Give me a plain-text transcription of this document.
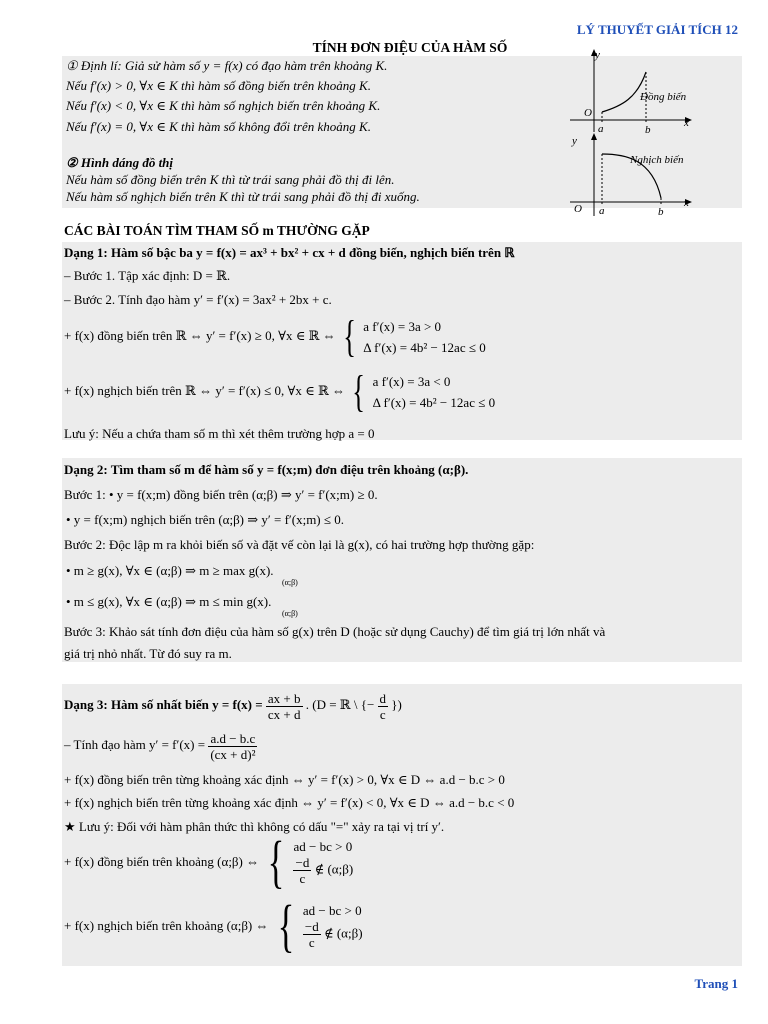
LÝ THUYẾT GIẢI TÍCH 12
TÍNH ĐƠN ĐIỆU CỦA HÀM SỐ
① Định lí: Giả sử hàm số y = f(x) có đạo hàm trên khoảng K.
Nếu f′(x) > 0, ∀x ∈ K thì hàm số đồng biến trên khoảng K.
Nếu f′(x) < 0, ∀x ∈ K thì hàm số nghịch biến trên khoảng K.
Nếu f′(x) = 0, ∀x ∈ K thì hàm số không đổi trên khoảng K.
② Hình dáng đồ thị
Nếu hàm số đồng biến trên K thì từ trái sang phải đồ thị đi lên.
Nếu hàm số nghịch biến trên K thì từ trái sang phải đồ thị đi xuống.
O
y
x
a	b
Đồng biến
y
O	x
a	b
Nghịch biến
CÁC BÀI TOÁN TÌM THAM SỐ m THƯỜNG GẶP
Dạng 1: Hàm số bậc ba y = f(x) = ax³ + bx² + cx + d đồng biến, nghịch biến trên ℝ
– Bước 1. Tập xác định: D = ℝ.
– Bước 2. Tính đạo hàm y′ = f′(x) = 3ax² + 2bx + c.
+ f(x) đồng biến trên ℝ ⇔ y′ = f′(x) ≥ 0, ∀x ∈ ℝ ⇔ { a f′(x) = 3a > 0
Δ f′(x) = 4b² − 12ac ≤ 0
+ f(x) nghịch biến trên ℝ ⇔ y′ = f′(x) ≤ 0, ∀x ∈ ℝ ⇔ { a f′(x) = 3a < 0
Δ f′(x) = 4b² − 12ac ≤ 0
Lưu ý: Nếu a chứa tham số m thì xét thêm trường hợp a = 0
Dạng 2: Tìm tham số m để hàm số y = f(x;m) đơn điệu trên khoảng (α;β).
Bước 1: • y = f(x;m) đồng biến trên (α;β) ⇒ y′ = f′(x;m) ≥ 0.
• y = f(x;m) nghịch biến trên (α;β) ⇒ y′ = f′(x;m) ≤ 0.
Bước 2: Độc lập m ra khỏi biến số và đặt vế còn lại là g(x), có hai trường hợp thường gặp:
• m ≥ g(x), ∀x ∈ (α;β) ⇒ m ≥ max g(x).
(α;β)
• m ≤ g(x), ∀x ∈ (α;β) ⇒ m ≤ min g(x).
(α;β)
Bước 3: Khảo sát tính đơn điệu của hàm số g(x) trên D (hoặc sử dụng Cauchy) để tìm giá trị lớn nhất và
giá trị nhỏ nhất. Từ đó suy ra m.
Dạng 3: Hàm số nhất biến $y = f(x) = \frac{ax + b}{cx + d}$ . (D = ℝ \ {− $\frac{d}{c}$ })
– Tính đạo hàm $y' = f'(x) = \frac{a.d - b.c}{\text{(cx + d)²}}$
+ f(x) đồng biến trên từng khoảng xác định ⇔ y′ = f′(x) > 0, ∀x ∈ D ⇔ a.d − b.c > 0
+ f(x) nghịch biến trên từng khoảng xác định ⇔ y′ = f′(x) < 0, ∀x ∈ D ⇔ a.d − b.c < 0
★ Lưu ý: Đối với hàm phân thức thì không có dấu "=" xảy ra tại vị trí y′.
+ f(x) đồng biến trên khoảng (α;β) ⇔ { ad − bc > 0
$\frac{-d}{c}$ ∉ (α;β)
+ f(x) nghịch biến trên khoảng (α;β) ⇔ { ad − bc > 0
$\frac{-d}{c}$ ∉ (α;β)
Trang 1
